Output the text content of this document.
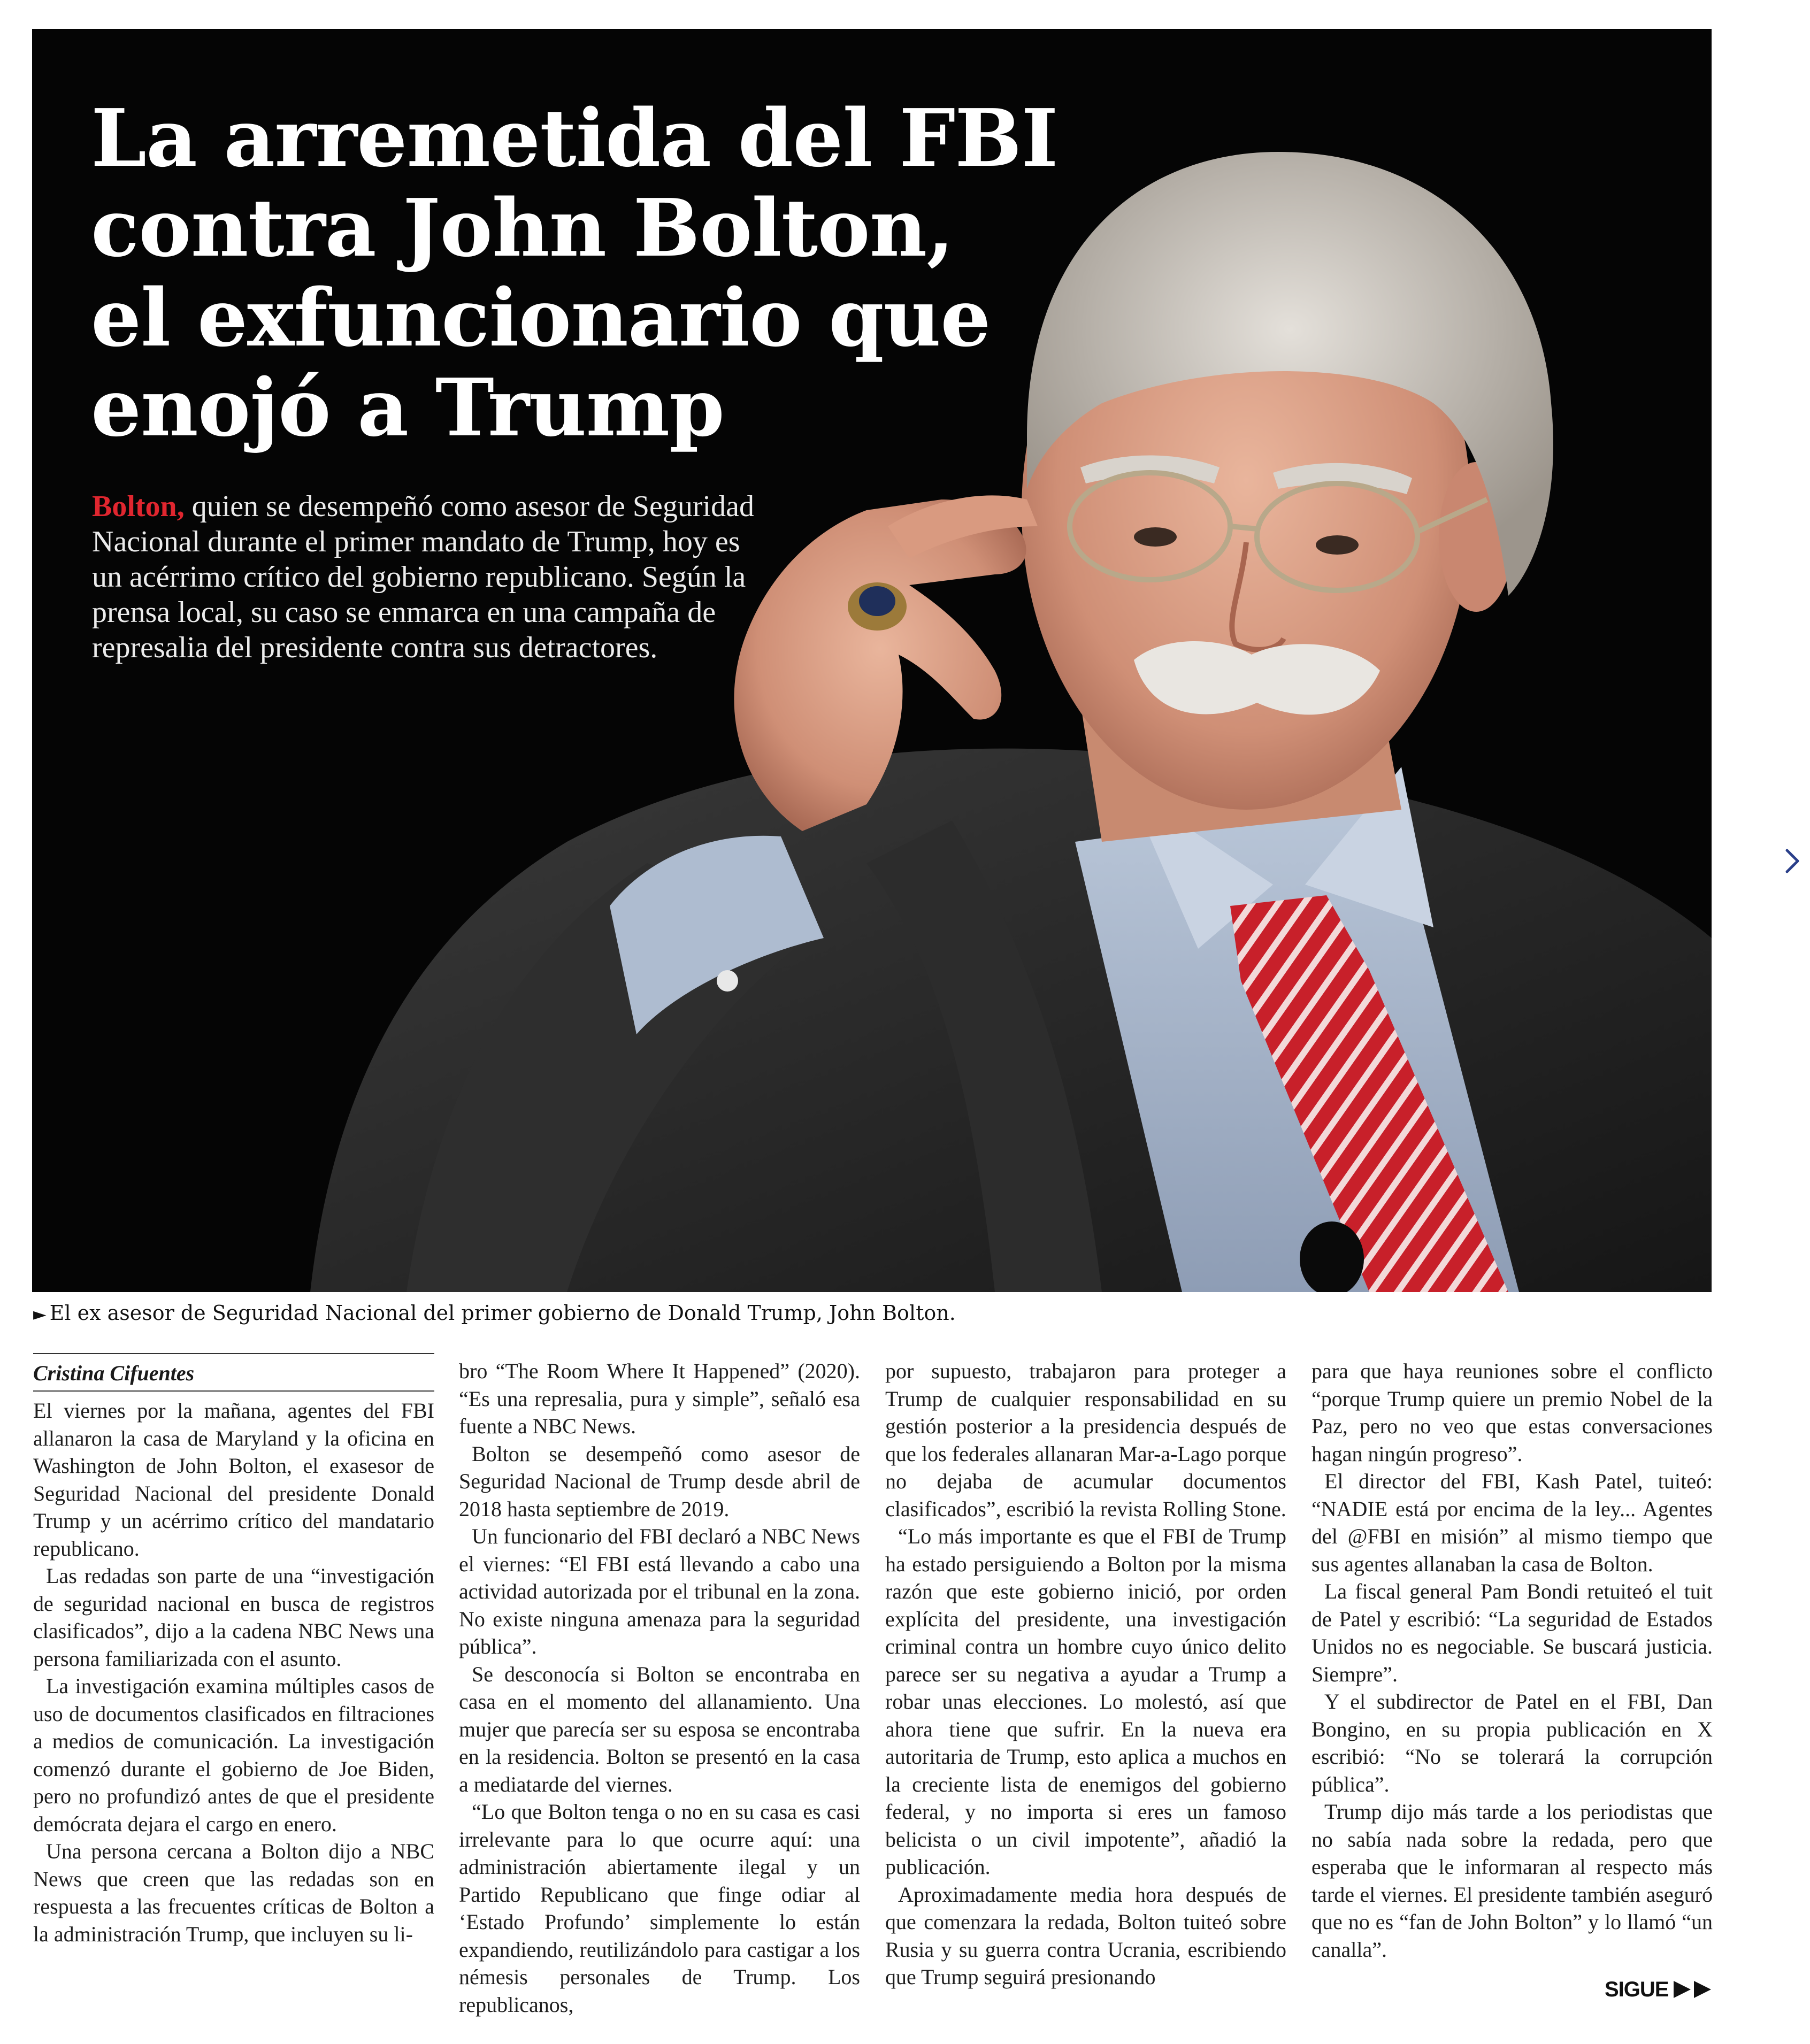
La arremetida del FBI
contra John Bolton,
el exfuncionario que
enojó a Trump

Bolton, quien se desempeñó como asesor de Seguridad Nacional durante el primer mandato de Trump, hoy es un acérrimo crítico del gobierno republicano. Según la prensa local, su caso se enmarca en una campaña de represalia del presidente contra sus detractores.

► El ex asesor de Seguridad Nacional del primer gobierno de Donald Trump, John Bolton.
Cristina Cifuentes

El viernes por la mañana, agentes del FBI allanaron la casa de Maryland y la oficina en Washington de John Bolton, el exasesor de Seguridad Nacional del presidente Donald Trump y un acérrimo crítico del mandatario republicano.

Las redadas son parte de una “investigación de seguridad nacional en busca de registros clasificados”, dijo a la cadena NBC News una persona familiarizada con el asunto.

La investigación examina múltiples casos de uso de documentos clasificados en filtraciones a medios de comunicación. La investigación comenzó durante el gobierno de Joe Biden, pero no profundizó antes de que el presidente demócrata dejara el cargo en enero.

Una persona cercana a Bolton dijo a NBC News que creen que las redadas son en respuesta a las frecuentes críticas de Bolton a la administración Trump, que incluyen su li-

bro “The Room Where It Happened” (2020). “Es una represalia, pura y simple”, señaló esa fuente a NBC News.

Bolton se desempeñó como asesor de Seguridad Nacional de Trump desde abril de 2018 hasta septiembre de 2019.

Un funcionario del FBI declaró a NBC News el viernes: “El FBI está llevando a cabo una actividad autorizada por el tribunal en la zona. No existe ninguna amenaza para la seguridad pública”.

Se desconocía si Bolton se encontraba en casa en el momento del allanamiento. Una mujer que parecía ser su esposa se encontraba en la residencia. Bolton se presentó en la casa a mediatarde del viernes.

“Lo que Bolton tenga o no en su casa es casi irrelevante para lo que ocurre aquí: una administración abiertamente ilegal y un Partido Republicano que finge odiar al ‘Estado Profundo’ simplemente lo están expandiendo, reutilizándolo para castigar a los némesis personales de Trump. Los republicanos,

por supuesto, trabajaron para proteger a Trump de cualquier responsabilidad en su gestión posterior a la presidencia después de que los federales allanaran Mar-a-Lago porque no dejaba de acumular documentos clasificados”, escribió la revista Rolling Stone.

“Lo más importante es que el FBI de Trump ha estado persiguiendo a Bolton por la misma razón que este gobierno inició, por orden explícita del presidente, una investigación criminal contra un hombre cuyo único delito parece ser su negativa a ayudar a Trump a robar unas elecciones. Lo molestó, así que ahora tiene que sufrir. En la nueva era autoritaria de Trump, esto aplica a muchos en la creciente lista de enemigos del gobierno federal, y no importa si eres un famoso belicista o un civil impotente”, añadió la publicación.

Aproximadamente media hora después de que comenzara la redada, Bolton tuiteó sobre Rusia y su guerra contra Ucrania, escribiendo que Trump seguirá presionando

para que haya reuniones sobre el conflicto “porque Trump quiere un premio Nobel de la Paz, pero no veo que estas conversaciones hagan ningún progreso”.

El director del FBI, Kash Patel, tuiteó: “NADIE está por encima de la ley... Agentes del @FBI en misión” al mismo tiempo que sus agentes allanaban la casa de Bolton.

La fiscal general Pam Bondi retuiteó el tuit de Patel y escribió: “La seguridad de Estados Unidos no es negociable. Se buscará justicia. Siempre”.

Y el subdirector de Patel en el FBI, Dan Bongino, en su propia publicación en X escribió: “No se tolerará la corrupción pública”.

Trump dijo más tarde a los periodistas que no sabía nada sobre la redada, pero que esperaba que le informaran al respecto más tarde el viernes. El presidente también aseguró que no es “fan de John Bolton” y lo llamó “un canalla”.

SIGUE
